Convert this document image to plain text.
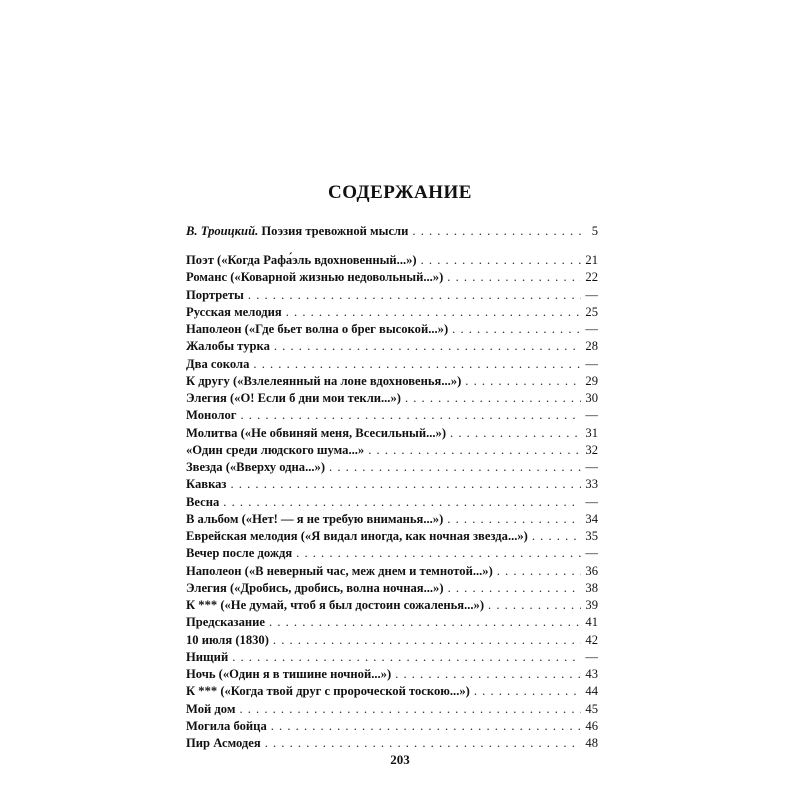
СОДЕРЖАНИЕ
В. Троицкий. Поэзия тревожной мысли . . .	5
Поэт («Когда Рафа́эль вдохновенный...») . . .	21
Романс («Коварной жизнью недовольный...») . . .	22
Портреты . . .	—
Русская мелодия . . .	25
Наполеон («Где бьет волна о брег высокой...») . . .	—
Жалобы турка . . .	28
Два сокола . . .	—
К другу («Взлелеянный на лоне вдохновенья...») . . .	29
Элегия («О! Если б дни мои текли...») . . .	30
Монолог . . .	—
Молитва («Не обвиняй меня, Всесильный...») . . .	31
«Один среди людского шума...» . . .	32
Звезда («Вверху одна...») . . .	—
Кавказ . . .	33
Весна . . .	—
В альбом («Нет! — я не требую вниманья...») . . .	34
Еврейская мелодия («Я видал иногда, как ночная звезда...») . . .	35
Вечер после дождя . . .	—
Наполеон («В неверный час, меж днем и темнотой...») . . .	36
Элегия («Дробись, дробись, волна ночная...») . . .	38
К *** («Не думай, чтоб я был достоин сожаленья...») . . .	39
Предсказание . . .	41
10 июля (1830) . . .	42
Нищий . . .	—
Ночь («Один я в тишине ночной...») . . .	43
К *** («Когда твой друг с пророческой тоскою...») . . .	44
Мой дом . . .	45
Могила бойца . . .	46
Пир Асмодея . . .	48
203
